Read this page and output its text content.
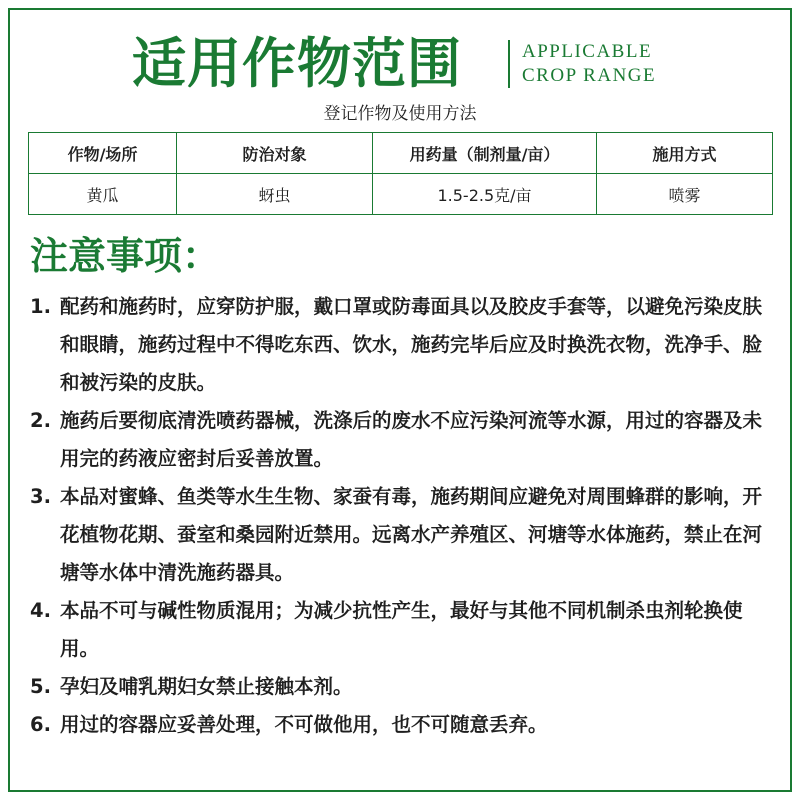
适用作物范围	APPLICABLE
CROP RANGE
登记作物及使用方法
作物/场所	防治对象	用药量（制剂量/亩）	施用方式
黄瓜	蚜虫	1.5-2.5克/亩	喷雾
注意事项：
1. 配药和施药时，应穿防护服，戴口罩或防毒面具以及胶皮手套等，以避免污染皮肤和眼睛，施药过程中不得吃东西、饮水，施药完毕后应及时换洗衣物，洗净手、脸和被污染的皮肤。
2. 施药后要彻底清洗喷药器械，洗涤后的废水不应污染河流等水源，用过的容器及未用完的药液应密封后妥善放置。
3. 本品对蜜蜂、鱼类等水生生物、家蚕有毒，施药期间应避免对周围蜂群的影响，开花植物花期、蚕室和桑园附近禁用。远离水产养殖区、河塘等水体施药，禁止在河塘等水体中清洗施药器具。
4. 本品不可与碱性物质混用；为减少抗性产生，最好与其他不同机制杀虫剂轮换使用。
5. 孕妇及哺乳期妇女禁止接触本剂。
6. 用过的容器应妥善处理，不可做他用，也不可随意丢弃。
